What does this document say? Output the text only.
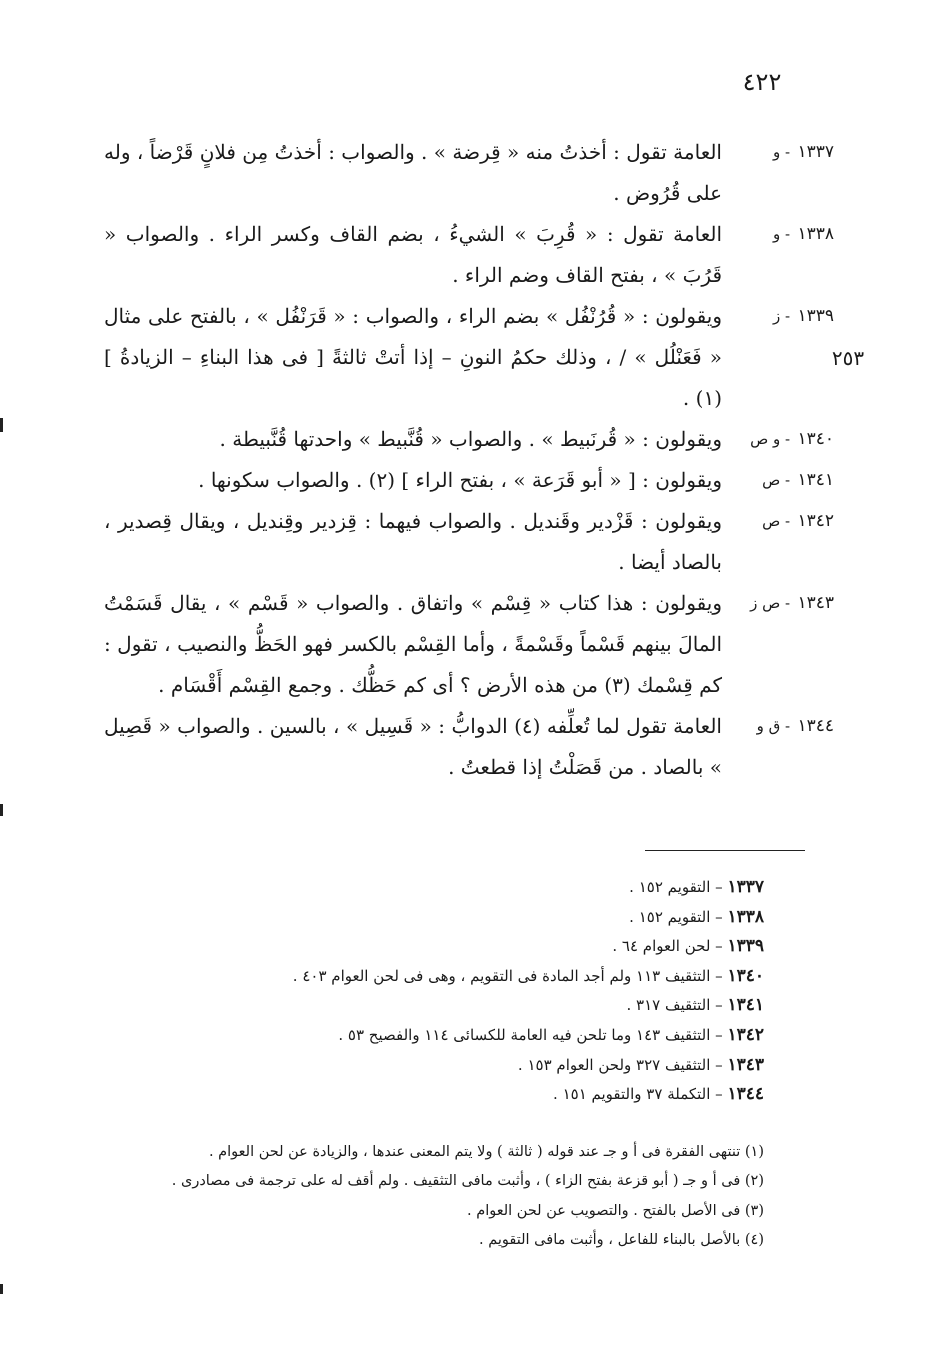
٤٢٢
٢٥٣
١٣٣٧ - و
العامة تقول : أخذتُ منه « قِرضة » . والصواب : أخذتُ مِن فلانٍ قَرْضاً ، وله على قُرُوض .
١٣٣٨ - و
العامة تقول : « قُرِبَ » الشيءُ ، بضم القاف وكسر الراء . والصواب « قَرُبَ » ، بفتح القاف وضم الراء .
١٣٣٩ - ز
ويقولون : « قُرُنْفُل » بضم الراء ، والصواب : « قَرَنْفُل » ، بالفتح على مثال « فَعَنْلُل » / ، وذلك حكمُ النونِ – إذا أتتْ ثالثةً [ فى هذا البناءِ – الزيادةُ ] (١) .
١٣٤٠ - و ص
ويقولون : « قُرنَبيط » . والصواب « قُنَّبيط » واحدتها قُنَّبيطة .
١٣٤١ - ص
ويقولون : [ « أبو قَرَعة » ، بفتح الراء ] (٢) . والصواب سكونها .
١٣٤٢ - ص
ويقولون : قَزْدير وقَنديل . والصواب فيهما : قِزدير وقِنديل ، ويقال قِصدير ، بالصاد أيضا .
١٣٤٣ - ص ز
ويقولون : هذا كتاب « قِسْم » واتفاق . والصواب « قَسْم » ، يقال قَسَمْتُ المالَ بينهم قَسْماً وقَسْمةً ، وأما القِسْم بالكسر فهو الحَظُّ والنصيب ، تقول : كم قِسْمك (٣) من هذه الأرض ؟ أى كم حَظُّك . وجمع القِسْم أَقْسَام .
١٣٤٤ - ق و
العامة تقول لما تُعلِّفه (٤) الدوابُّ : « قَسِيل » ، بالسين . والصواب « قَصِيل » بالصاد . من قَصَلْتُ إذا قطعتُ .
١٣٣٧ – التقويم ١٥٢ .
١٣٣٨ – التقويم ١٥٢ .
١٣٣٩ – لحن العوام ٦٤ .
١٣٤٠ – التثقيف ١١٣ ولم أجد المادة فى التقويم ، وهى فى لحن العوام ٤٠٣ .
١٣٤١ – التثقيف ٣١٧ .
١٣٤٢ – التثقيف ١٤٣ وما تلحن فيه العامة للكسائى ١١٤ والفصيح ٥٣ .
١٣٤٣ – التثقيف ٣٢٧ ولحن العوام ١٥٣ .
١٣٤٤ – التكملة ٣٧ والتقويم ١٥١ .
(١) تنتهى الفقرة فى أ و جـ عند قوله ( ثالثة ) ولا يتم المعنى عندها ، والزيادة عن لحن العوام .
(٢) فى أ و جـ ( أبو قزعة بفتح الزاء ) ، وأثبت مافى التثقيف . ولم أقف له على ترجمة فى مصادرى .
(٣) فى الأصل بالفتح . والتصويب عن لحن العوام .
(٤) بالأصل بالبناء للفاعل ، وأثبت مافى التقويم .
